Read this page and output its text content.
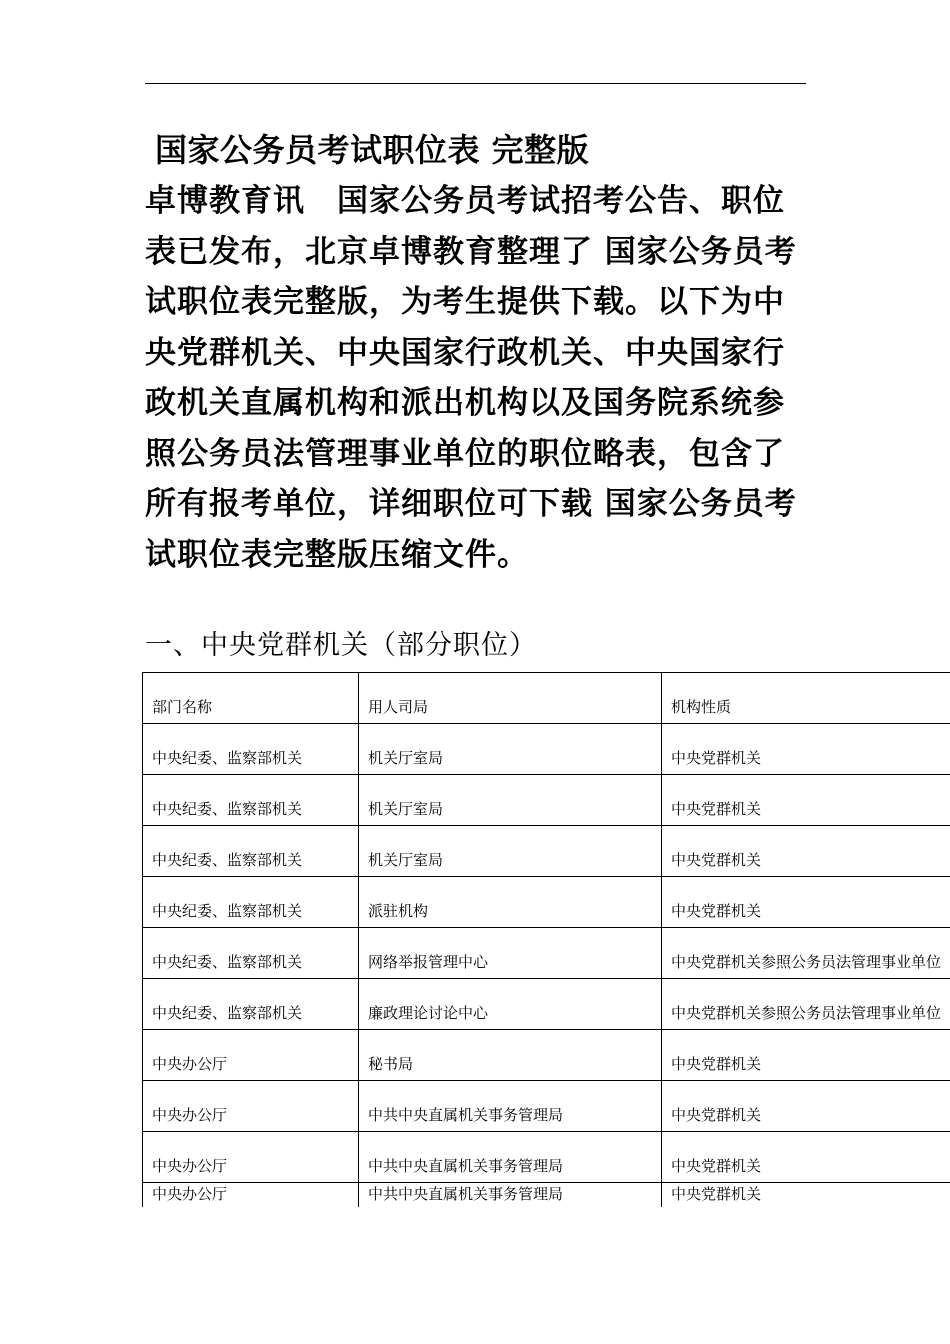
国家公务员考试职位表 完整版
卓博教育讯　国家公务员考试招考公告、职位
表已发布，北京卓博教育整理了 国家公务员考
试职位表完整版，为考生提供下载。以下为中
央党群机关、中央国家行政机关、中央国家行
政机关直属机构和派出机构以及国务院系统参
照公务员法管理事业单位的职位略表，包含了
所有报考单位，详细职位可下载 国家公务员考
试职位表完整版压缩文件。
一、中央党群机关（部分职位）
部门名称	用人司局	机构性质
中央纪委、监察部机关	机关厅室局	中央党群机关
中央纪委、监察部机关	机关厅室局	中央党群机关
中央纪委、监察部机关	机关厅室局	中央党群机关
中央纪委、监察部机关	派驻机构	中央党群机关
中央纪委、监察部机关	网络举报管理中心	中央党群机关参照公务员法管理事业单位
中央纪委、监察部机关	廉政理论讨论中心	中央党群机关参照公务员法管理事业单位
中央办公厅	秘书局	中央党群机关
中央办公厅	中共中央直属机关事务管理局	中央党群机关
中央办公厅	中共中央直属机关事务管理局	中央党群机关
中央办公厅	中共中央直属机关事务管理局	中央党群机关
